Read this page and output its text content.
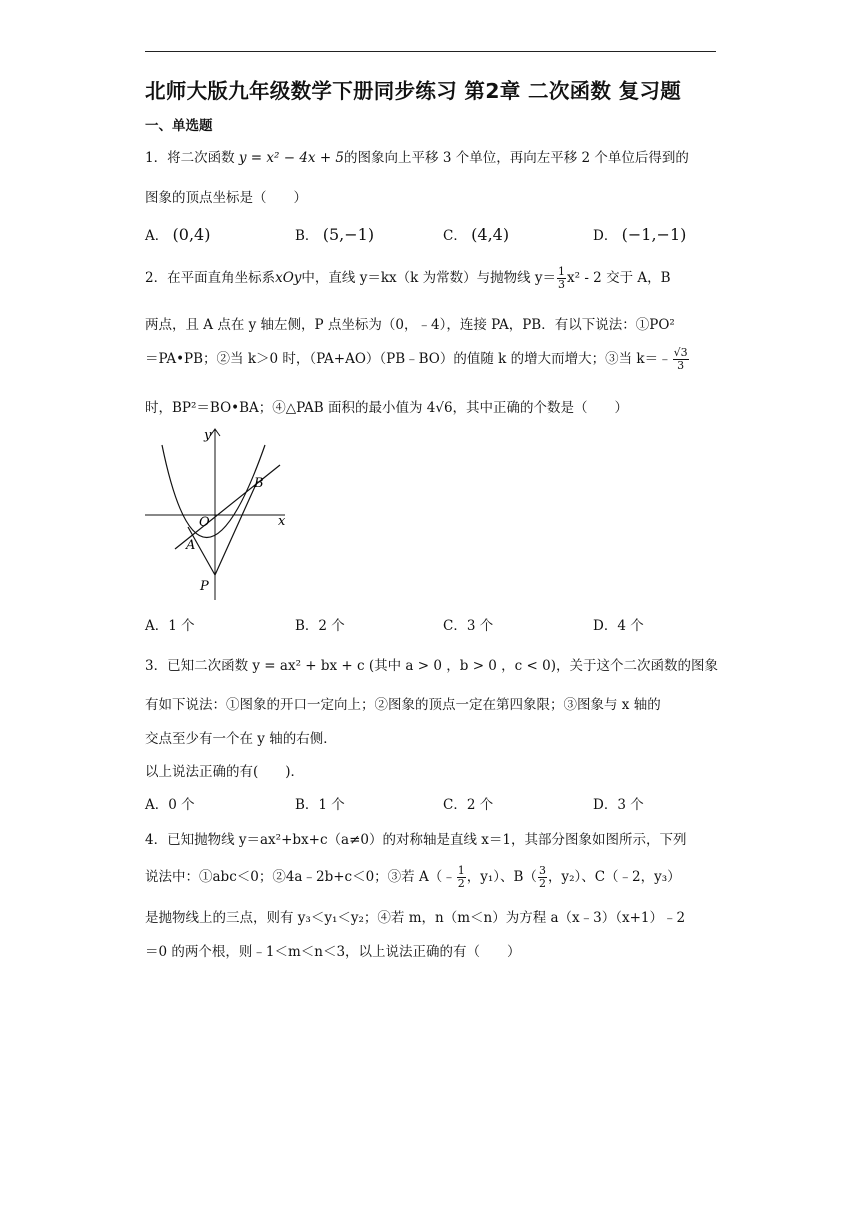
北师大版九年级数学下册同步练习 第2章 二次函数 复习题
一、单选题
1．将二次函数 y = x² − 4x + 5的图象向上平移 3 个单位，再向左平移 2 个单位后得到的
图象的顶点坐标是（　　）
A． (0,4)	B． (5,−1)	C． (4,4)	D． (−1,−1)
2．在平面直角坐标系xOy中，直线 y＝kx（k 为常数）与抛物线 $y= \frac{1}{3} x^2$ ‑ 2 交于 A，B
两点，且 A 点在 y 轴左侧，P 点坐标为（0，﹣4），连接 PA，PB．有以下说法：①PO²
＝PA•PB；②当 k＞0 时，（PA+AO）（PB﹣BO）的值随 k 的增大而增大；③当 k＝﹣ $\frac{√3}{3}$
时，BP²＝BO•BA；④△PAB 面积的最小值为 4√6，其中正确的个数是（　　）
y
x
O
A
B
P
A．1 个	B．2 个	C．3 个	D．4 个
3．已知二次函数 y = ax² + bx + c (其中 a > 0 ，b > 0 ，c < 0)，关于这个二次函数的图象
有如下说法：①图象的开口一定向上；②图象的顶点一定在第四象限；③图象与 x 轴的
交点至少有一个在 y 轴的右侧．
以上说法正确的有(　　)．
A．0 个	B．1 个	C．2 个	D．3 个
4．已知抛物线 y＝ax²+bx+c（a≠0）的对称轴是直线 x＝1，其部分图象如图所示，下列
说法中：①abc＜0；②4a﹣2b+c＜0；③若 A（﹣ $\frac{1}{2}$ ，y₁）、$B( \frac{3}{2}$ ，y₂）、C（﹣2，y₃）
是抛物线上的三点，则有 y₃＜y₁＜y₂；④若 m，n（m＜n）为方程 a（x﹣3）（x+1）﹣2
＝0 的两个根，则﹣1＜m＜n＜3，以上说法正确的有（　　）
